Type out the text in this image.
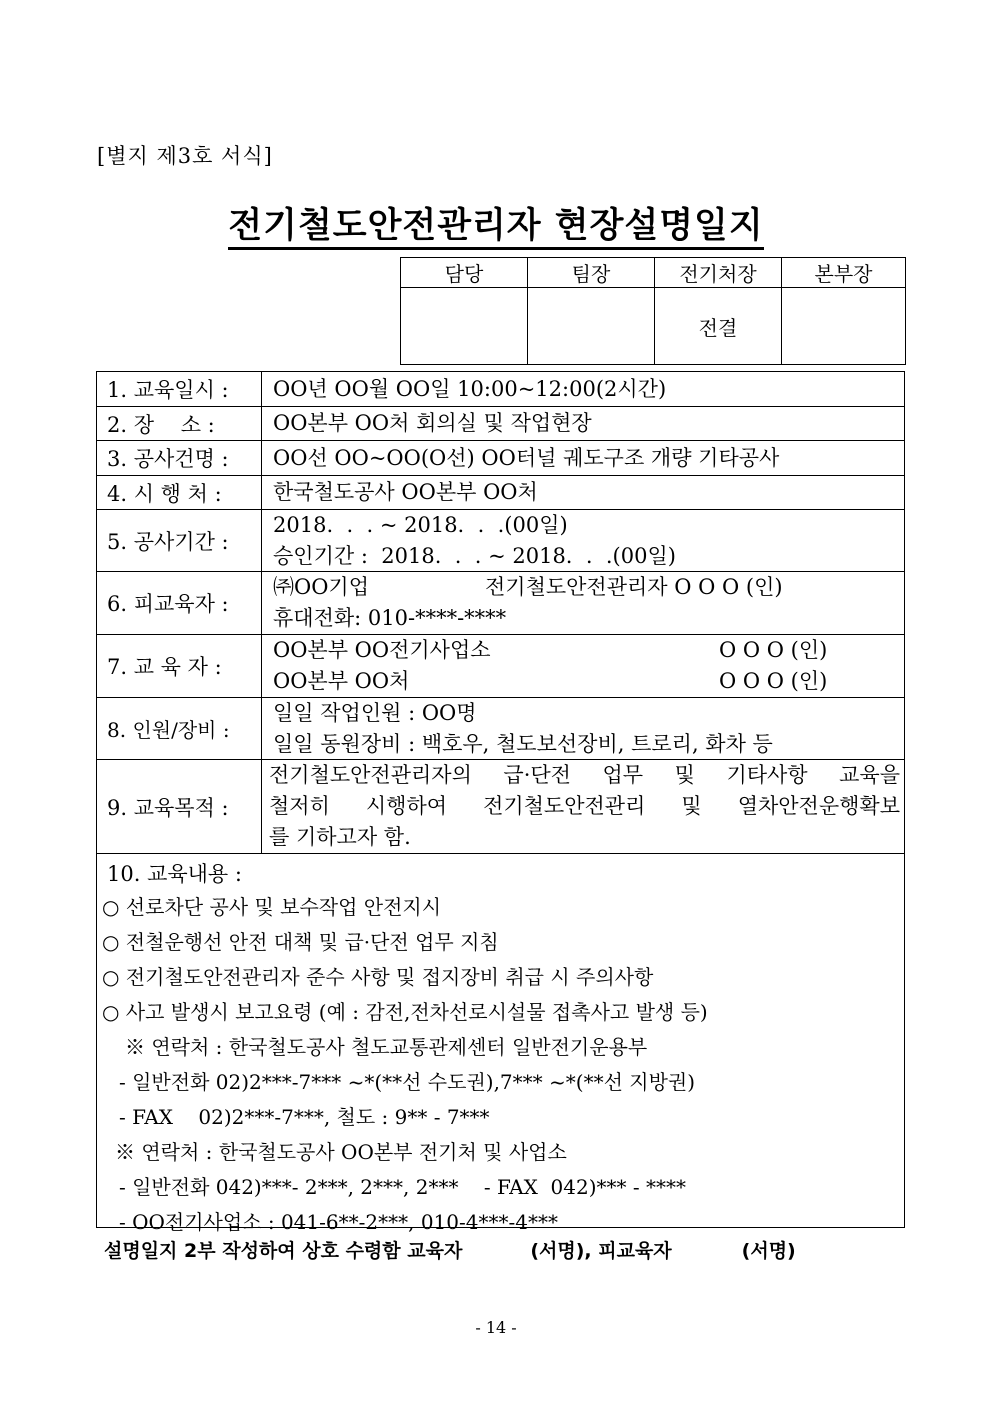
[별지 제3호 서식]
전기철도안전관리자 현장설명일지
담당	팀장	전기처장	본부장
		전결	
1. 교육일시 :	OO년 OO월 OO일 10:00~12:00(2시간)
2. 장    소 :	OO본부 OO처 회의실 및 작업현장
3. 공사건명 :	OO선 OO~OO(O선) OO터널 궤도구조 개량 기타공사
4. 시 행 처 :	한국철도공사 OO본부 OO처
5. 공사기간 :
2018.  .  . ~ 2018.  .  .(00일)
승인기간 :  2018.  .  . ~ 2018.  .  .(00일)
6. 피교육자 :
㈜OO기업	전기철도안전관리자 O O O (인)
휴대전화: 010-****-****
7. 교 육 자 :
OO본부 OO전기사업소	O O O (인)
OO본부 OO처	O O O (인)
8. 인원/장비 :
일일 작업인원 : OO명
일일 동원장비 : 백호우, 철도보선장비, 트로리, 화차 등
9. 교육목적 :
전기철도안전관리자의 급·단전 업무 및 기타사항 교육을
철저히 시행하여 전기철도안전관리 및 열차안전운행확보
를 기하고자 함.
10. 교육내용 :
○ 선로차단 공사 및 보수작업 안전지시
○ 전철운행선 안전 대책 및 급·단전 업무 지침
○ 전기철도안전관리자 준수 사항 및 접지장비 취급 시 주의사항
○ 사고 발생시 보고요령 (예 : 감전,전차선로시설물 접촉사고 발생 등)
※ 연락처 : 한국철도공사 철도교통관제센터 일반전기운용부
- 일반전화 02)2***-7*** ~*(**선 수도권),7*** ~*(**선 지방권)
- FAX    02)2***-7***, 철도 : 9** - 7***
※ 연락처 : 한국철도공사 OO본부 전기처 및 사업소
- 일반전화 042)***- 2***, 2***, 2***    - FAX  042)*** - ****
- OO전기사업소 : 041-6**-2***, 010-4***-4***
설명일지 2부 작성하여 상호 수령함 교육자	(서명), 피교육자	(서명)
- 14 -
